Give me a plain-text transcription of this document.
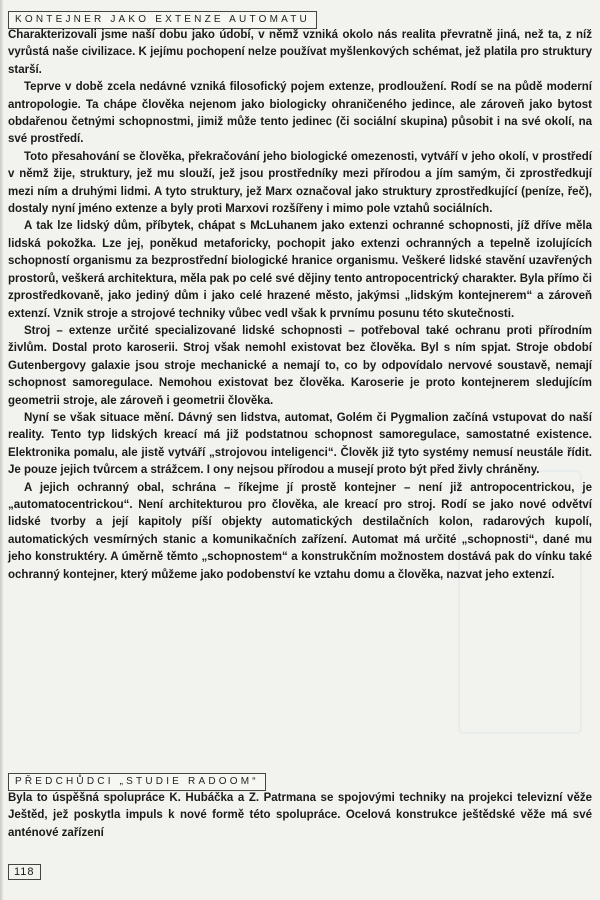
KONTEJNER JAKO EXTENZE AUTOMATU

Charakterizovali jsme naší dobu jako údobí, v němž vzniká okolo nás realita převratně jiná, než ta, z níž vyrůstá naše civilizace. K jejímu pochopení nelze používat myšlenkových schémat, jež platila pro struktury starší.

Teprve v době zcela nedávné vzniká filosofický pojem extenze, prodloužení. Rodí se na půdě moderní antropologie. Ta chápe člověka nejenom jako biologicky ohraničeného jedince, ale zároveň jako bytost obdařenou četnými schopnostmi, jimiž může tento jedinec (či sociální skupina) působit i na své okolí, na své prostředí.

Toto přesahování se člověka, překračování jeho biologické omezenosti, vytváří v jeho okolí, v prostředí v němž žije, struktury, jež mu slouží, jež jsou prostředníky mezi přírodou a jím samým, či zprostředkují mezi ním a druhými lidmi. A tyto struktury, jež Marx označoval jako struktury zprostředkující (peníze, řeč), dostaly nyní jméno extenze a byly proti Marxovi rozšířeny i mimo pole vztahů sociálních.

A tak lze lidský dům, příbytek, chápat s McLuhanem jako extenzi ochranné schopnosti, jíž dříve měla lidská pokožka. Lze jej, poněkud metaforicky, pochopit jako extenzi ochranných a tepelně izolujících schopností organismu za bezprostřední biologické hranice organismu. Veškeré lidské stavění uzavřených prostorů, veškerá architektura, měla pak po celé své dějiny tento antropocentrický charakter. Byla přímo či zprostředkovaně, jako jediný dům i jako celé hrazené město, jakýmsi „lidským kontejnerem“ a zároveň extenzí. Vznik stroje a strojové techniky vůbec vedl však k prvnímu posunu této skutečnosti.

Stroj – extenze určité specializované lidské schopnosti – potřeboval také ochranu proti přírodním živlům. Dostal proto karoserii. Stroj však nemohl existovat bez člověka. Byl s ním spjat. Stroje období Gutenbergovy galaxie jsou stroje mechanické a nemají to, co by odpovídalo nervové soustavě, nemají schopnost samoregulace. Nemohou existovat bez člověka. Karoserie je proto kontejnerem sledujícím geometrii stroje, ale zároveň i geometrii člověka.

Nyní se však situace mění. Dávný sen lidstva, automat, Golém či Pygmalion začíná vstupovat do naší reality. Tento typ lidských kreací má již podstatnou schopnost samoregulace, samostatné existence. Elektronika pomalu, ale jistě vytváří „strojovou inteligenci“. Člověk již tyto systémy nemusí neustále řídit. Je pouze jejich tvůrcem a strážcem. I ony nejsou přírodou a musejí proto být před živly chráněny.

A jejich ochranný obal, schrána – říkejme jí prostě kontejner – není již antropocentrickou, je „automatocentrickou“. Není architekturou pro člověka, ale kreací pro stroj. Rodí se jako nové odvětví lidské tvorby a její kapitoly píší objekty automatických destilačních kolon, radarových kupolí, automatických vesmírných stanic a komunikačních zařízení. Automat má určité „schopnosti“, dané mu jeho konstruktéry. A úměrně těmto „schopnostem“ a konstrukčním možnostem dostává pak do vínku také ochranný kontejner, který můžeme jako podobenství ke vztahu domu a člověka, nazvat jeho extenzí.

PŘEDCHŮDCI „STUDIE RADOOM“

Byla to úspěšná spolupráce K. Hubáčka a Z. Patrmana se spojovými techniky na projekci televizní věže Ještěd, jež poskytla impuls k nové formě této spolupráce. Ocelová konstrukce ještědské věže má své anténové zařízení

118
